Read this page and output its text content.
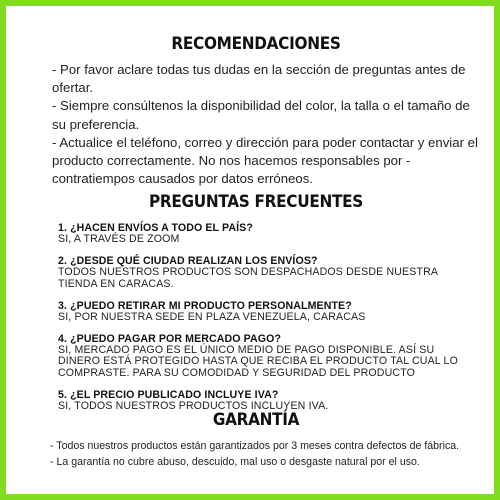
RECOMENDACIONES
- Por favor aclare todas tus dudas en la sección de preguntas antes de ofertar.
- Siempre consúltenos la disponibilidad del color, la talla o el tamaño de su preferencia.
- Actualice el teléfono, correo y dirección para poder contactar y enviar el producto correctamente. No nos hacemos responsables por -contratiempos causados por datos erróneos.
PREGUNTAS FRECUENTES
1. ¿HACEN ENVÍOS A TODO EL PAÍS?
SI, A TRAVÉS DE ZOOM
2. ¿DESDE QUÉ CIUDAD REALIZAN LOS ENVÍOS?
TODOS NUESTROS PRODUCTOS SON DESPACHADOS DESDE NUESTRA TIENDA EN CARACAS.
3. ¿PUEDO RETIRAR MI PRODUCTO PERSONALMENTE?
SI, POR NUESTRA SEDE EN PLAZA VENEZUELA, CARACAS
4. ¿PUEDO PAGAR POR MERCADO PAGO?
SI, MERCADO PAGO ES EL ÚNICO MEDIO DE PAGO DISPONIBLE. ASÍ SU DINERO ESTÁ PROTEGIDO HASTA QUE RECIBA EL PRODUCTO TAL CUAL LO COMPRASTE. PARA SU COMODIDAD Y SEGURIDAD DEL PRODUCTO
5. ¿EL PRECIO PUBLICADO INCLUYE IVA?
SI, TODOS NUESTROS PRODUCTOS INCLUYEN IVA.
GARANTÍA
- Todos nuestros productos están garantizados por 3 meses contra defectos de fábrica.
- La garantía no cubre abuso, descuido, mal uso o desgaste natural por el uso.
